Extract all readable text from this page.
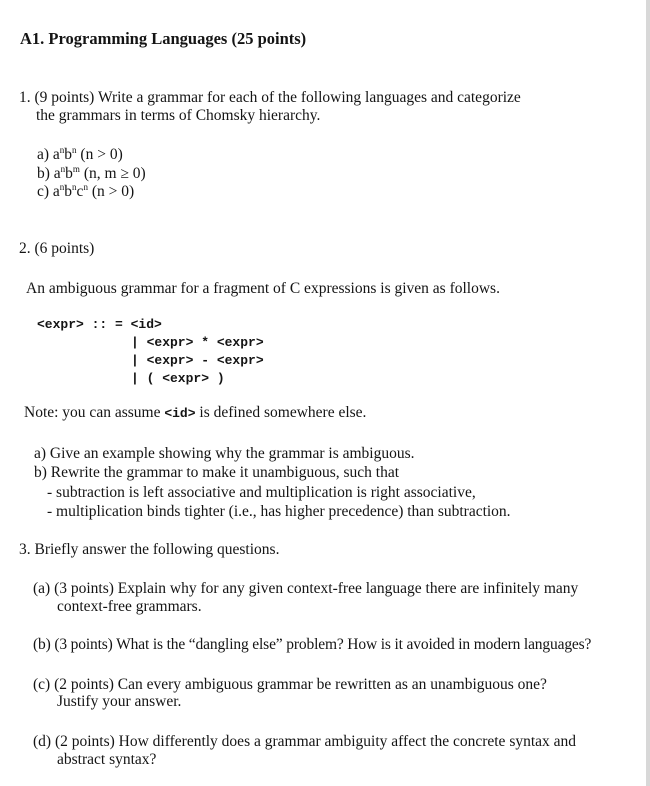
A1. Programming Languages (25 points)
1. (9 points) Write a grammar for each of the following languages and categorize
the grammars in terms of Chomsky hierarchy.
a) $a^nb^n$ (n > 0)
b) $a^nb^m$ (n, m ≥ 0)
c) $a^nb^nc^n$ (n > 0)
2. (6 points)
An ambiguous grammar for a fragment of C expressions is given as follows.
<expr> :: = <id>
| <expr> * <expr>
| <expr> - <expr>
| ( <expr> )
Note: you can assume <id> is defined somewhere else.
a) Give an example showing why the grammar is ambiguous.
b) Rewrite the grammar to make it unambiguous, such that
- subtraction is left associative and multiplication is right associative,
- multiplication binds tighter (i.e., has higher precedence) than subtraction.
3. Briefly answer the following questions.
(a) (3 points) Explain why for any given context-free language there are infinitely many
context-free grammars.
(b) (3 points) What is the “dangling else” problem? How is it avoided in modern languages?
(c) (2 points) Can every ambiguous grammar be rewritten as an unambiguous one?
Justify your answer.
(d) (2 points) How differently does a grammar ambiguity affect the concrete syntax and
abstract syntax?
